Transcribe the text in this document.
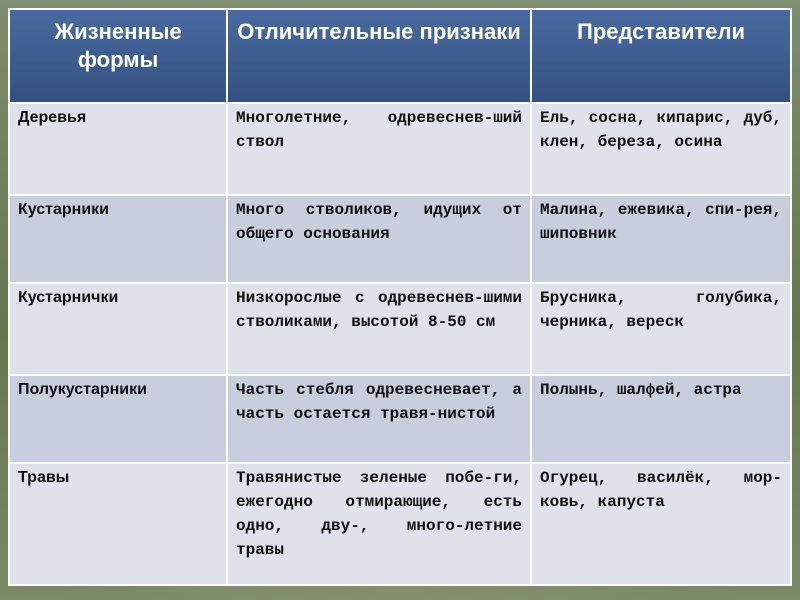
Жизненные формы	Отличительные признаки	Представители
Деревья	Многолетние, одревеснев-ший ствол	Ель, сосна, кипарис, дуб, клен, береза, осина
Кустарники	Много стволиков, идущих от общего основания	Малина, ежевика, спи-рея, шиповник
Кустарнички	Низкорослые с одревеснев-шими стволиками, высотой 8-50 см	Брусника, голубика, черника, вереск
Полукустарники	Часть стебля одревесневает, а часть остается травя-нистой	Полынь, шалфей, астра
Травы	Травянистые зеленые побе-ги, ежегодно отмирающие, есть одно, дву-, много-летние травы	Огурец, василёк, мор-ковь, капуста
